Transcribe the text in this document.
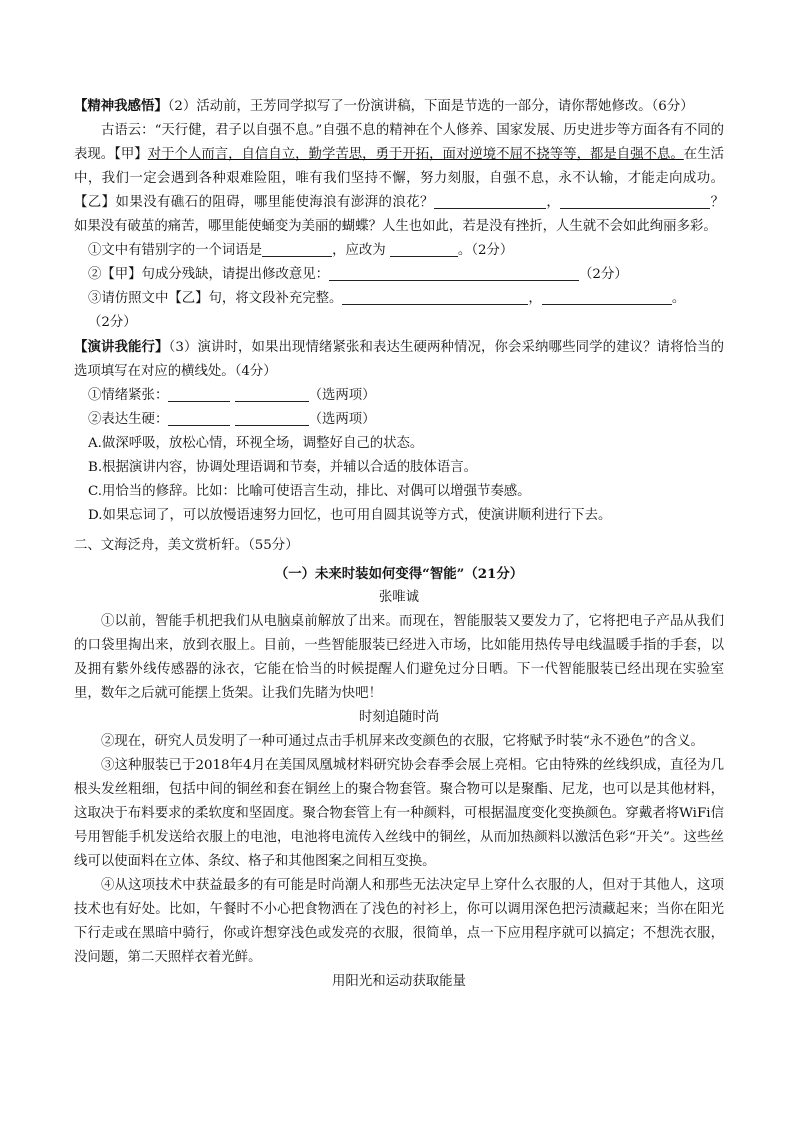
【精神我感悟】（2）活动前，王芳同学拟写了一份演讲稿，下面是节选的一部分，请你帮她修改。（6分）

古语云：“天行健，君子以自强不息。”自强不息的精神在个人修养、国家发展、历史进步等方面各有不同的表现。【甲】对于个人而言，自信自立，勤学苦思，勇于开拓，面对逆境不屈不挠等等，都是自强不息。在生活中，我们一定会遇到各种艰难险阻，唯有我们坚持不懈，努力刻服，自强不息，永不认输，才能走向成功。【乙】如果没有礁石的阻碍，哪里能使海浪有澎湃的浪花？	，	？如果没有破茧的痛苦，哪里能使蛹变为美丽的蝴蝶？人生也如此，若是没有挫折，人生就不会如此绚丽多彩。

①文中有错别字的一个词语是	，应改为	。（2分）

②【甲】句成分残缺，请提出修改意见：	（2分）

③请仿照文中【乙】句，将文段补充完整。	，	。

（2分）

【演讲我能行】（3）演讲时，如果出现情绪紧张和表达生硬两种情况，你会采纳哪些同学的建议？请将恰当的选项填写在对应的横线处。（4分）

①情绪紧张：	（选两项）

②表达生硬：	（选两项）

A.做深呼吸，放松心情，环视全场，调整好自己的状态。

B.根据演讲内容，协调处理语调和节奏，并辅以合适的肢体语言。

C.用恰当的修辞。比如：比喻可使语言生动，排比、对偶可以增强节奏感。

D.如果忘词了，可以放慢语速努力回忆，也可用自圆其说等方式，使演讲顺利进行下去。

二、文海泛舟，美文赏析轩。（55分）

（一）未来时装如何变得“智能”（21分）

张唯诚

①以前，智能手机把我们从电脑桌前解放了出来。而现在，智能服装又要发力了，它将把电子产品从我们的口袋里掏出来，放到衣服上。目前，一些智能服装已经进入市场，比如能用热传导电线温暖手指的手套，以及拥有紫外线传感器的泳衣，它能在恰当的时候提醒人们避免过分日晒。下一代智能服装已经出现在实验室里，数年之后就可能摆上货架。让我们先睹为快吧！

时刻追随时尚

②现在，研究人员发明了一种可通过点击手机屏来改变颜色的衣服，它将赋予时装“永不逊色”的含义。

③这种服装已于2018年4月在美国凤凰城材料研究协会春季会展上亮相。它由特殊的丝线织成，直径为几根头发丝粗细，包括中间的铜丝和套在铜丝上的聚合物套管。聚合物可以是聚酯、尼龙，也可以是其他材料，这取决于布料要求的柔软度和坚固度。聚合物套管上有一种颜料，可根据温度变化变换颜色。穿戴者将WiFi信号用智能手机发送给衣服上的电池，电池将电流传入丝线中的铜丝，从而加热颜料以激活色彩“开关”。这些丝线可以使面料在立体、条纹、格子和其他图案之间相互变换。

④从这项技术中获益最多的有可能是时尚潮人和那些无法决定早上穿什么衣服的人，但对于其他人，这项技术也有好处。比如，午餐时不小心把食物洒在了浅色的衬衫上，你可以调用深色把污渍藏起来；当你在阳光下行走或在黑暗中骑行，你或许想穿浅色或发亮的衣服，很简单，点一下应用程序就可以搞定；不想洗衣服，没问题，第二天照样衣着光鲜。

用阳光和运动获取能量
